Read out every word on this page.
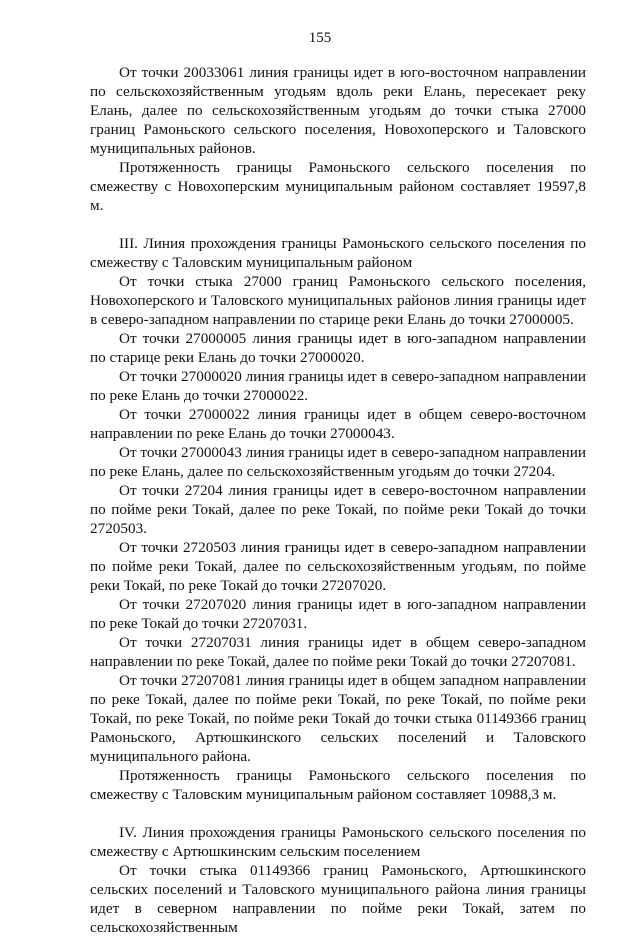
155

От точки 20033061 линия границы идет в юго-восточном направлении по сельскохозяйственным угодьям вдоль реки Елань, пересекает реку Елань, далее по сельскохозяйственным угодьям до точки стыка 27000 границ Рамоньского сельского поселения, Новохоперского и Таловского муниципальных районов.

Протяженность границы Рамоньского сельского поселения по смежеству с Новохоперским муниципальным районом составляет 19597,8 м.

III. Линия прохождения границы Рамоньского сельского поселения по смежеству с Таловским муниципальным районом

От точки стыка 27000 границ Рамоньского сельского поселения, Новохоперского и Таловского муниципальных районов линия границы идет в северо-западном направлении по старице реки Елань до точки 27000005.

От точки 27000005 линия границы идет в юго-западном направлении по старице реки Елань до точки 27000020.

От точки 27000020 линия границы идет в северо-западном направлении по реке Елань до точки 27000022.

От точки 27000022 линия границы идет в общем северо-восточном направлении по реке Елань до точки 27000043.

От точки 27000043 линия границы идет в северо-западном направлении по реке Елань, далее по сельскохозяйственным угодьям до точки 27204.

От точки 27204 линия границы идет в северо-восточном направлении по пойме реки Токай, далее по реке Токай, по пойме реки Токай до точки 2720503.

От точки 2720503 линия границы идет в северо-западном направлении по пойме реки Токай, далее по сельскохозяйственным угодьям, по пойме реки Токай, по реке Токай до точки 27207020.

От точки 27207020 линия границы идет в юго-западном направлении по реке Токай до точки 27207031.

От точки 27207031 линия границы идет в общем северо-западном направлении по реке Токай, далее по пойме реки Токай до точки 27207081.

От точки 27207081 линия границы идет в общем западном направлении по реке Токай, далее по пойме реки Токай, по реке Токай, по пойме реки Токай, по реке Токай, по пойме реки Токай до точки стыка 01149366 границ Рамоньского, Артюшкинского сельских поселений и Таловского муниципального района.

Протяженность границы Рамоньского сельского поселения по смежеству с Таловским муниципальным районом составляет 10988,3 м.

IV. Линия прохождения границы Рамоньского сельского поселения по смежеству с Артюшкинским сельским поселением

От точки стыка 01149366 границ Рамоньского, Артюшкинского сельских поселений и Таловского муниципального района линия границы идет в северном направлении по пойме реки Токай, затем по сельскохозяйственным
